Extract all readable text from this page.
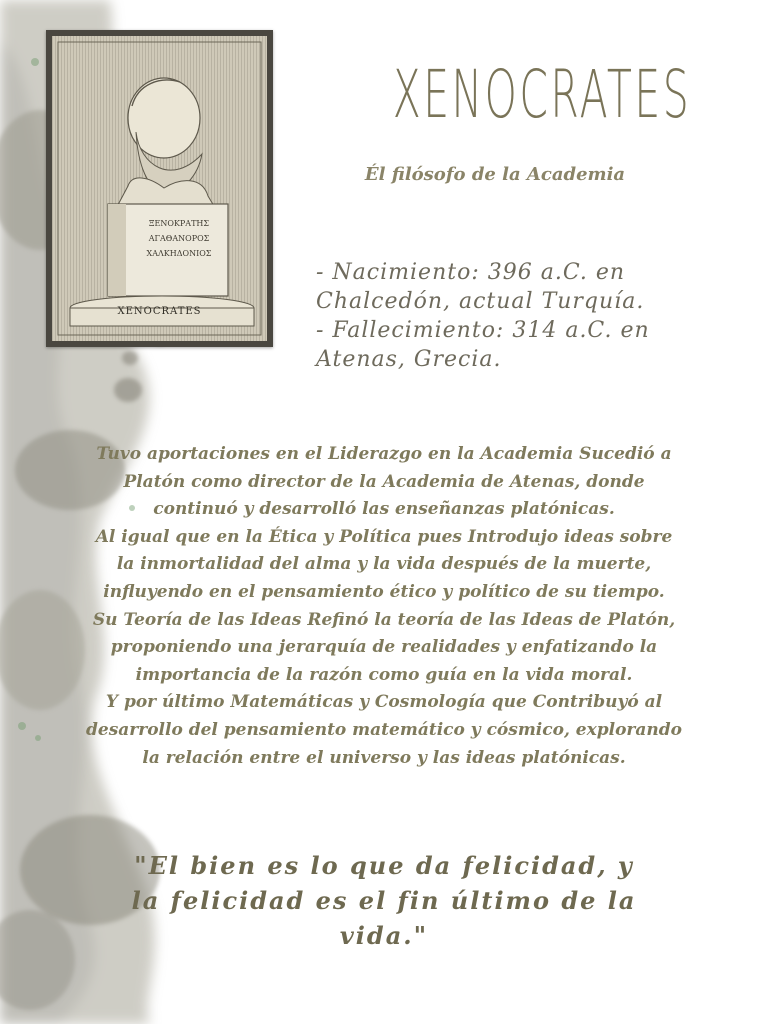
ΞΕΝΟΚΡΑΤΗΣ
ΑΓΑΘΑΝΟΡΟΣ
ΧΑΛΚΗΔΟΝΙΟΣ
XENOCRATES
XENOCRATES
Él filósofo de la Academia
- Nacimiento: 396 a.C. en
Chalcedón, actual Turquía.
- Fallecimiento: 314 a.C. en
Atenas, Grecia.
Tuvo aportaciones en el Liderazgo en la Academia Sucedió a
Platón como director de la Academia de Atenas, donde
continuó y desarrolló las enseñanzas platónicas.
Al igual que en la Ética y Política pues Introdujo ideas sobre
la inmortalidad del alma y la vida después de la muerte,
influyendo en el pensamiento ético y político de su tiempo.
Su Teoría de las Ideas Refinó la teoría de las Ideas de Platón,
proponiendo una jerarquía de realidades y enfatizando la
importancia de la razón como guía en la vida moral.
Y por último Matemáticas y Cosmología que Contribuyó al
desarrollo del pensamiento matemático y cósmico, explorando
la relación entre el universo y las ideas platónicas.
"El bien es lo que da felicidad, y
la felicidad es el fin último de la
vida."
